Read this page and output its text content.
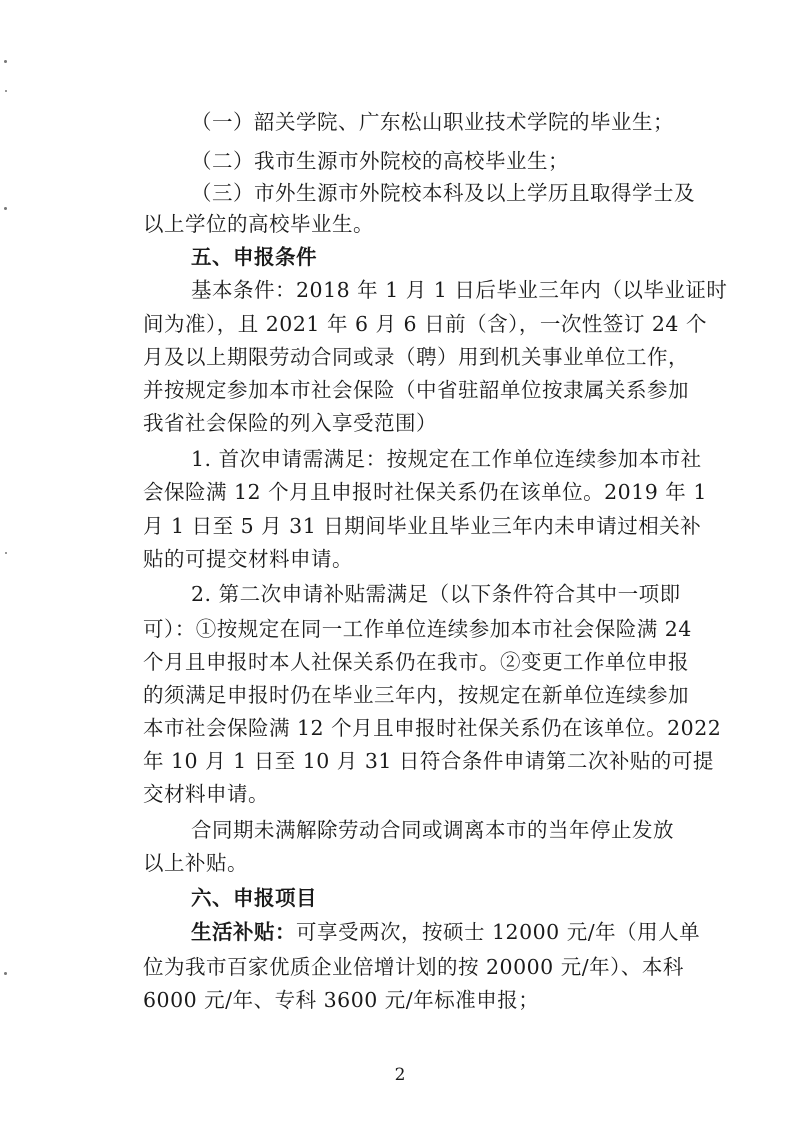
（一）韶关学院、广东松山职业技术学院的毕业生；
（二）我市生源市外院校的高校毕业生；
（三）市外生源市外院校本科及以上学历且取得学士及
以上学位的高校毕业生。
五、申报条件
基本条件：2018 年 1 月 1 日后毕业三年内（以毕业证时
间为准），且 2021 年 6 月 6 日前（含），一次性签订 24 个
月及以上期限劳动合同或录（聘）用到机关事业单位工作，
并按规定参加本市社会保险（中省驻韶单位按隶属关系参加
我省社会保险的列入享受范围）
1. 首次申请需满足：按规定在工作单位连续参加本市社
会保险满 12 个月且申报时社保关系仍在该单位。2019 年 1
月 1 日至 5 月 31 日期间毕业且毕业三年内未申请过相关补
贴的可提交材料申请。
2. 第二次申请补贴需满足（以下条件符合其中一项即
可）：①按规定在同一工作单位连续参加本市社会保险满 24
个月且申报时本人社保关系仍在我市。②变更工作单位申报
的须满足申报时仍在毕业三年内，按规定在新单位连续参加
本市社会保险满 12 个月且申报时社保关系仍在该单位。2022
年 10 月 1 日至 10 月 31 日符合条件申请第二次补贴的可提
交材料申请。
合同期未满解除劳动合同或调离本市的当年停止发放
以上补贴。
六、申报项目
生活补贴：可享受两次，按硕士 12000 元/年（用人单
位为我市百家优质企业倍增计划的按 20000 元/年）、本科
6000 元/年、专科 3600 元/年标准申报；
2
